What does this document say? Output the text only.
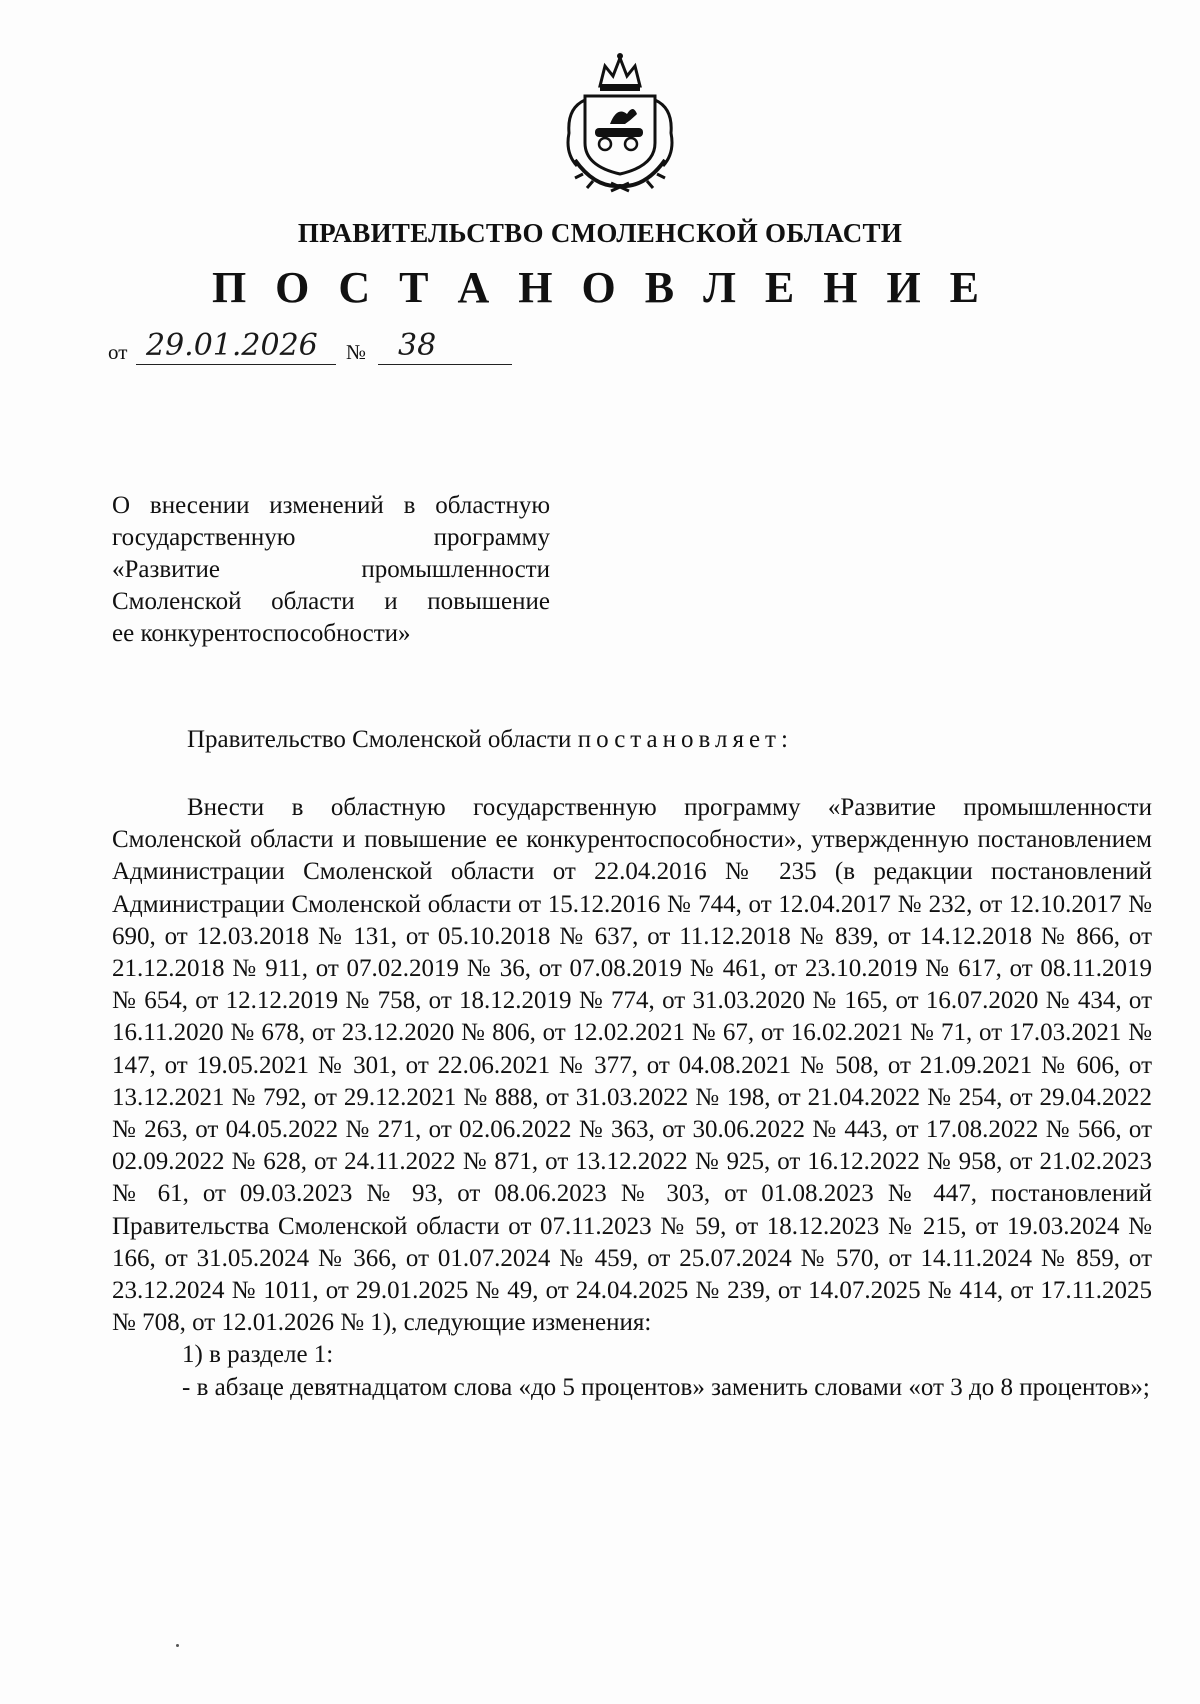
ПРАВИТЕЛЬСТВО СМОЛЕНСКОЙ ОБЛАСТИ
П О С Т А Н О В Л Е Н И Е
от 29.01.2026 № 38
О внесении изменений в областную
государственную программу
«Развитие промышленности
Смоленской области и повышение
ее конкурентоспособности»
Правительство Смоленской области постановляет:

Внести в областную государственную программу «Развитие промышленности Смоленской области и повышение ее конкурентоспособности», утвержденную постановлением Администрации Смоленской области от 22.04.2016 № 235 (в редакции постановлений Администрации Смоленской области от 15.12.2016 № 744, от 12.04.2017 № 232, от 12.10.2017 № 690, от 12.03.2018 № 131, от 05.10.2018 № 637, от 11.12.2018 № 839, от 14.12.2018 № 866, от 21.12.2018 № 911, от 07.02.2019 № 36, от 07.08.2019 № 461, от 23.10.2019 № 617, от 08.11.2019 № 654, от 12.12.2019 № 758, от 18.12.2019 № 774, от 31.03.2020 № 165, от 16.07.2020 № 434, от 16.11.2020 № 678, от 23.12.2020 № 806, от 12.02.2021 № 67, от 16.02.2021 № 71, от 17.03.2021 № 147, от 19.05.2021 № 301, от 22.06.2021 № 377, от 04.08.2021 № 508, от 21.09.2021 № 606, от 13.12.2021 № 792, от 29.12.2021 № 888, от 31.03.2022 № 198, от 21.04.2022 № 254, от 29.04.2022 № 263, от 04.05.2022 № 271, от 02.06.2022 № 363, от 30.06.2022 № 443, от 17.08.2022 № 566, от 02.09.2022 № 628, от 24.11.2022 № 871, от 13.12.2022 № 925, от 16.12.2022 № 958, от 21.02.2023 № 61, от 09.03.2023 № 93, от 08.06.2023 № 303, от 01.08.2023 № 447, постановлений Правительства Смоленской области от 07.11.2023 № 59, от 18.12.2023 № 215, от 19.03.2024 № 166, от 31.05.2024 № 366, от 01.07.2024 № 459, от 25.07.2024 № 570, от 14.11.2024 № 859, от 23.12.2024 № 1011, от 29.01.2025 № 49, от 24.04.2025 № 239, от 14.07.2025 № 414, от 17.11.2025 № 708, от 12.01.2026 № 1), следующие изменения:

1) в разделе 1:

- в абзаце девятнадцатом слова «до 5 процентов» заменить словами «от 3 до 8 процентов»;
